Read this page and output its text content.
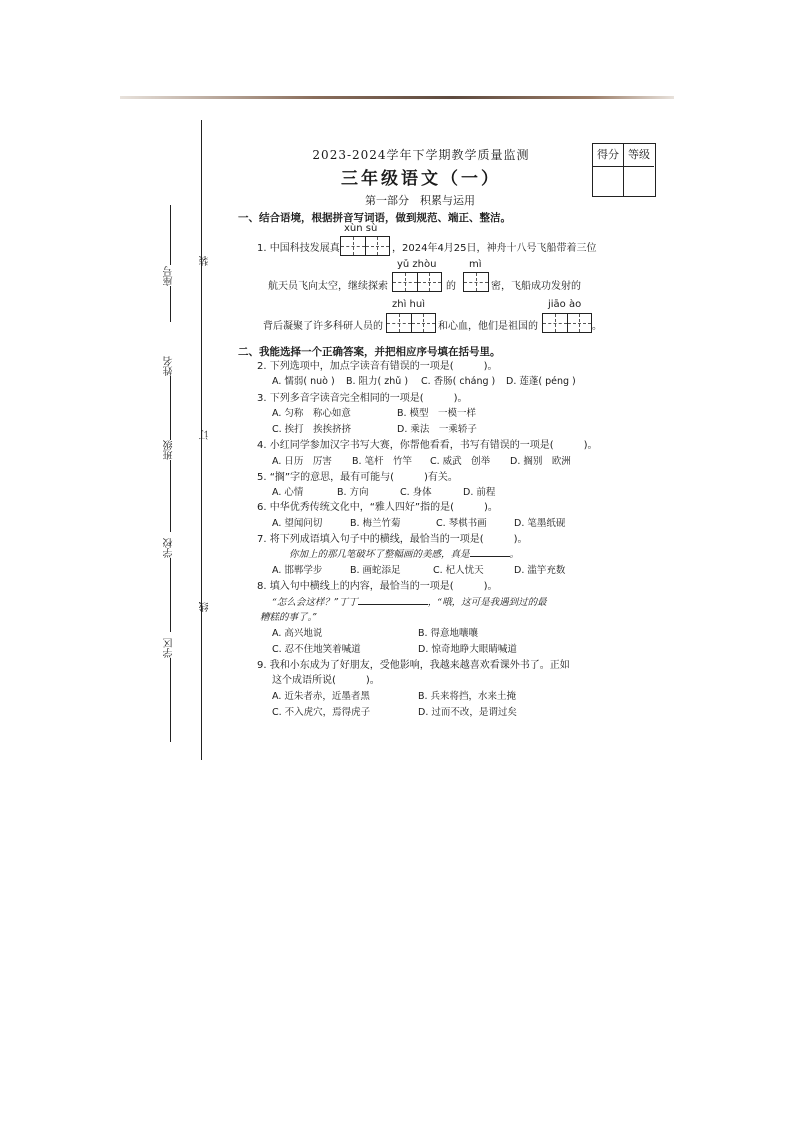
座号
姓名
班级
学校
学区
装
订
线
得分 等级
2023-2024学年下学期教学质量监测
三年级语文（一）
第一部分　积累与运用
一、结合语境，根据拼音写词语，做到规范、端正、整洁。
xùn sù
1. 中国科技发展真	，2024年4月25日，神舟十八号飞船带着三位
yǔ zhòu	mì
航天员飞向太空，继续探索	的	密，飞船成功发射的
zhì huì	jiāo ào
背后凝聚了许多科研人员的	和心血，他们是祖国的	。
二、我能选择一个正确答案，并把相应序号填在括号里。
2. 下列选项中，加点字读音有错误的一项是(　　　)。
A. 懦弱( nuò ) B. 阻力( zhǔ ) C. 香肠( cháng ) D. 莲蓬( péng )
3. 下列多音字读音完全相同的一项是(　　　)。
A. 匀称　称心如意	B. 模型　一模一样
C. 挨打　挨挨挤挤	D. 乘法　一乘轿子
4. 小红同学参加汉字书写大赛，你帮他看看，书写有错误的一项是(　　　)。
A. 日历　厉害 B. 笔杆　竹竿 C. 威武　创举 D. 搁别　欧洲
5. “搁”字的意思，最有可能与(　　　)有关。
A. 心情	B. 方向	C. 身体	D. 前程
6. 中华优秀传统文化中，“雅人四好”指的是(　　　)。
A. 望闻问切	B. 梅兰竹菊	C. 琴棋书画	D. 笔墨纸砚
7. 将下列成语填入句子中的横线，最恰当的一项是(　　　)。
你加上的那几笔破坏了整幅画的美感，真是	。
A. 邯郸学步	B. 画蛇添足	C. 杞人忧天	D. 滥竽充数
8. 填入句中横线上的内容，最恰当的一项是(　　　)。
“怎么会这样？”丁丁	，“哦，这可是我遇到过的最
糟糕的事了。”
A. 高兴地说	B. 得意地嚷嚷
C. 忍不住地笑着喊道	D. 惊奇地睁大眼睛喊道
9. 我和小东成为了好朋友，受他影响，我越来越喜欢看课外书了。正如
这个成语所说(　　　)。
A. 近朱者赤，近墨者黑	B. 兵来将挡，水来土掩
C. 不入虎穴，焉得虎子	D. 过而不改，是谓过矣
